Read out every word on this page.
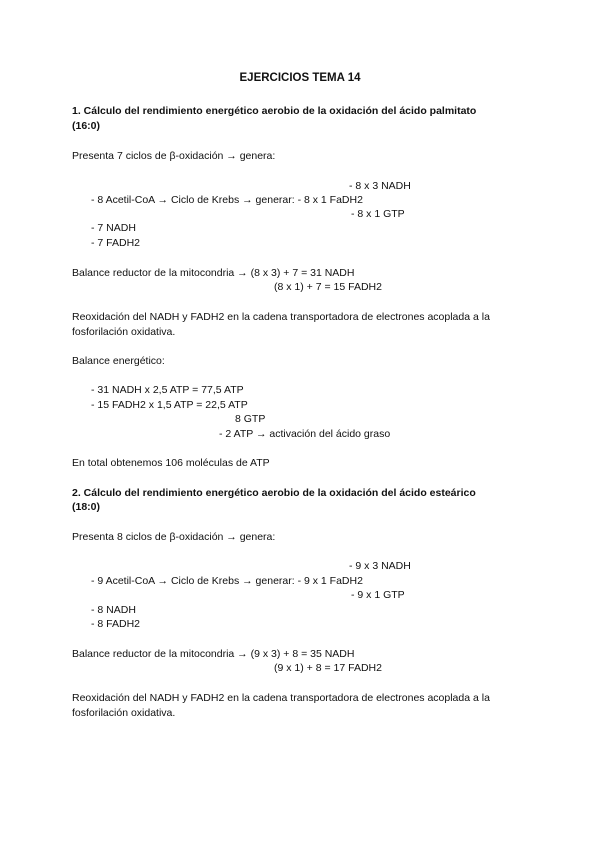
EJERCICIOS TEMA 14
1. Cálculo del rendimiento energético aerobio de la oxidación del ácido palmitato
(16:0)
Presenta 7 ciclos de β-oxidación → genera:
- 8 x 3 NADH
- 8 Acetil-CoA → Ciclo de Krebs → generar: - 8 x 1 FaDH2
- 8 x 1 GTP
- 7 NADH
- 7 FADH2
Balance reductor de la mitocondria → (8 x 3) + 7 = 31 NADH
(8 x 1) + 7 = 15 FADH2
Reoxidación del NADH y FADH2 en la cadena transportadora de electrones acoplada a la
fosforilación oxidativa.
Balance energético:
- 31 NADH x 2,5 ATP = 77,5 ATP
- 15 FADH2 x 1,5 ATP = 22,5 ATP
8 GTP
- 2 ATP → activación del ácido graso
En total obtenemos 106 moléculas de ATP
2. Cálculo del rendimiento energético aerobio de la oxidación del ácido esteárico
(18:0)
Presenta 8 ciclos de β-oxidación → genera:
- 9 x 3 NADH
- 9 Acetil-CoA → Ciclo de Krebs → generar: - 9 x 1 FaDH2
- 9 x 1 GTP
- 8 NADH
- 8 FADH2
Balance reductor de la mitocondria → (9 x 3) + 8 = 35 NADH
(9 x 1) + 8 = 17 FADH2
Reoxidación del NADH y FADH2 en la cadena transportadora de electrones acoplada a la
fosforilación oxidativa.
